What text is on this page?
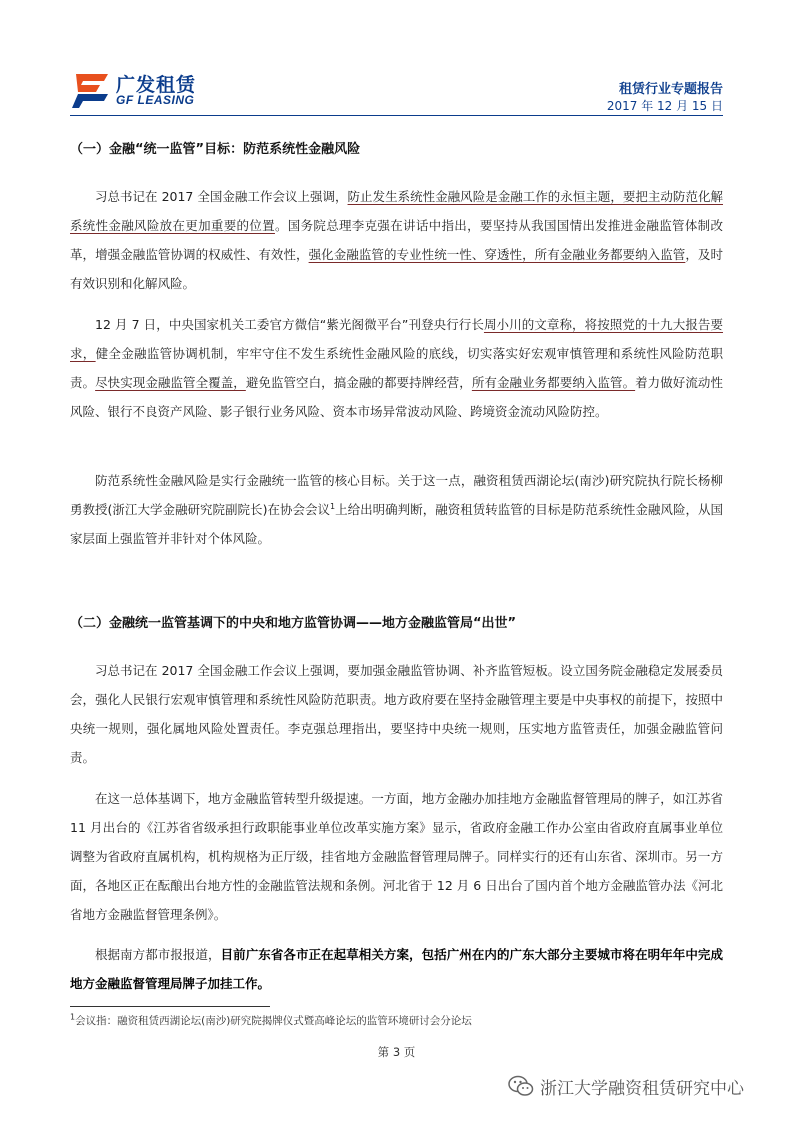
广发租赁
GF LEASING
租赁行业专题报告
2017 年 12 月 15 日
（一）金融“统一监管”目标：防范系统性金融风险

习总书记在 2017 全国金融工作会议上强调，防止发生系统性金融风险是金融工作的永恒主题，要把主动防范化解系统性金融风险放在更加重要的位置。国务院总理李克强在讲话中指出，要坚持从我国国情出发推进金融监管体制改革，增强金融监管协调的权威性、有效性，强化金融监管的专业性统一性、穿透性，所有金融业务都要纳入监管，及时有效识别和化解风险。

12 月 7 日，中央国家机关工委官方微信“紫光阁微平台”刊登央行行长周小川的文章称，将按照党的十九大报告要求，健全金融监管协调机制，牢牢守住不发生系统性金融风险的底线，切实落实好宏观审慎管理和系统性风险防范职责。尽快实现金融监管全覆盖，避免监管空白，搞金融的都要持牌经营，所有金融业务都要纳入监管。着力做好流动性风险、银行不良资产风险、影子银行业务风险、资本市场异常波动风险、跨境资金流动风险防控。

防范系统性金融风险是实行金融统一监管的核心目标。关于这一点，融资租赁西湖论坛(南沙)研究院执行院长杨柳勇教授(浙江大学金融研究院副院长)在协会会议$^1$上给出明确判断，融资租赁转监管的目标是防范系统性金融风险，从国家层面上强监管并非针对个体风险。

（二）金融统一监管基调下的中央和地方监管协调——地方金融监管局“出世”

习总书记在 2017 全国金融工作会议上强调，要加强金融监管协调、补齐监管短板。设立国务院金融稳定发展委员会，强化人民银行宏观审慎管理和系统性风险防范职责。地方政府要在坚持金融管理主要是中央事权的前提下，按照中央统一规则，强化属地风险处置责任。李克强总理指出，要坚持中央统一规则，压实地方监管责任，加强金融监管问责。

在这一总体基调下，地方金融监管转型升级提速。一方面，地方金融办加挂地方金融监督管理局的牌子，如江苏省 11 月出台的《江苏省省级承担行政职能事业单位改革实施方案》显示，省政府金融工作办公室由省政府直属事业单位调整为省政府直属机构，机构规格为正厅级，挂省地方金融监督管理局牌子。同样实行的还有山东省、深圳市。另一方面，各地区正在酝酿出台地方性的金融监管法规和条例。河北省于 12 月 6 日出台了国内首个地方金融监管办法《河北省地方金融监督管理条例》。

根据南方都市报报道，目前广东省各市正在起草相关方案，包括广州在内的广东大部分主要城市将在明年年中完成地方金融监督管理局牌子加挂工作。

$^1$会议指：融资租赁西湖论坛(南沙)研究院揭牌仪式暨高峰论坛的监管环境研讨会分论坛
第 3 页
浙江大学融资租赁研究中心
